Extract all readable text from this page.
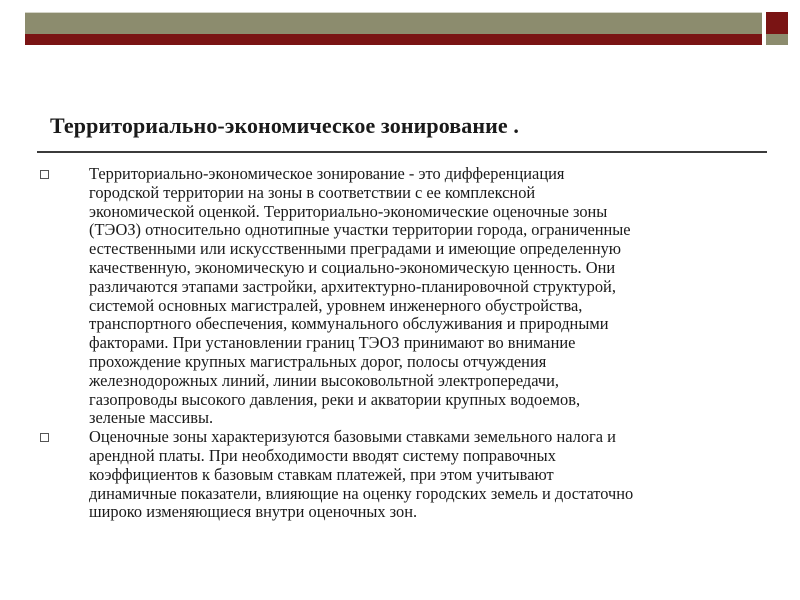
Территориально-экономическое зонирование .
Территориально-экономическое зонирование - это дифференциация
городской территории на зоны в соответствии с ее комплексной
экономической оценкой. Территориально-экономические оценочные зоны
(ТЭОЗ) относительно однотипные участки территории города, ограниченные
естественными или искусственными преградами и имеющие определенную
качественную, экономическую и социально-экономическую ценность. Они
различаются этапами застройки, архитектурно-планировочной структурой,
системой основных магистралей, уровнем инженерного обустройства,
транспортного обеспечения, коммунального обслуживания и природными
факторами. При установлении границ ТЭОЗ принимают во внимание
прохождение крупных магистральных дорог, полосы отчуждения
железнодорожных линий, линии высоковольтной электропередачи,
газопроводы высокого давления, реки и акватории крупных водоемов,
зеленые массивы.
Оценочные зоны характеризуются базовыми ставками земельного налога и
арендной платы. При необходимости вводят систему поправочных
коэффициентов к базовым ставкам платежей, при этом учитывают
динамичные показатели, влияющие на оценку городских земель и достаточно
широко изменяющиеся внутри оценочных зон.
